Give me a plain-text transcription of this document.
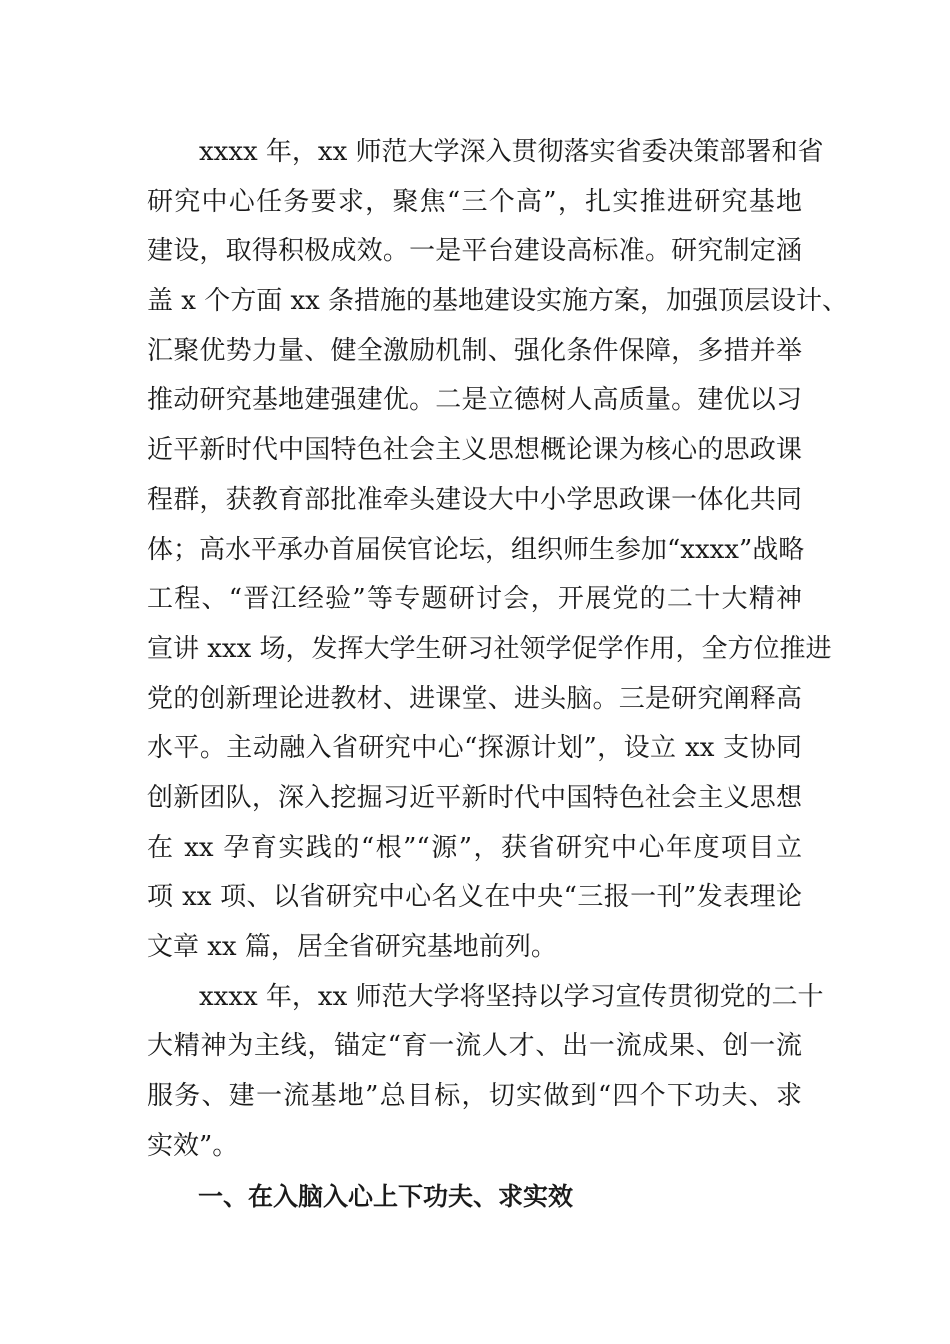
xxxx 年，xx 师范大学深入贯彻落实省委决策部署和省
研究中心任务要求，聚焦“三个高”，扎实推进研究基地
建设，取得积极成效。一是平台建设高标准。研究制定涵
盖 x 个方面 xx 条措施的基地建设实施方案，加强顶层设计、
汇聚优势力量、健全激励机制、强化条件保障，多措并举
推动研究基地建强建优。二是立德树人高质量。建优以习
近平新时代中国特色社会主义思想概论课为核心的思政课
程群，获教育部批准牵头建设大中小学思政课一体化共同
体；高水平承办首届侯官论坛，组织师生参加“xxxx”战略
工程、“晋江经验”等专题研讨会，开展党的二十大精神
宣讲 xxx 场，发挥大学生研习社领学促学作用，全方位推进
党的创新理论进教材、进课堂、进头脑。三是研究阐释高
水平。主动融入省研究中心“探源计划”，设立 xx 支协同
创新团队，深入挖掘习近平新时代中国特色社会主义思想
在 xx 孕育实践的“根”“源”，获省研究中心年度项目立
项 xx 项、以省研究中心名义在中央“三报一刊”发表理论
文章 xx 篇，居全省研究基地前列。
xxxx 年，xx 师范大学将坚持以学习宣传贯彻党的二十
大精神为主线，锚定“育一流人才、出一流成果、创一流
服务、建一流基地”总目标，切实做到“四个下功夫、求
实效”。
一、在入脑入心上下功夫、求实效
